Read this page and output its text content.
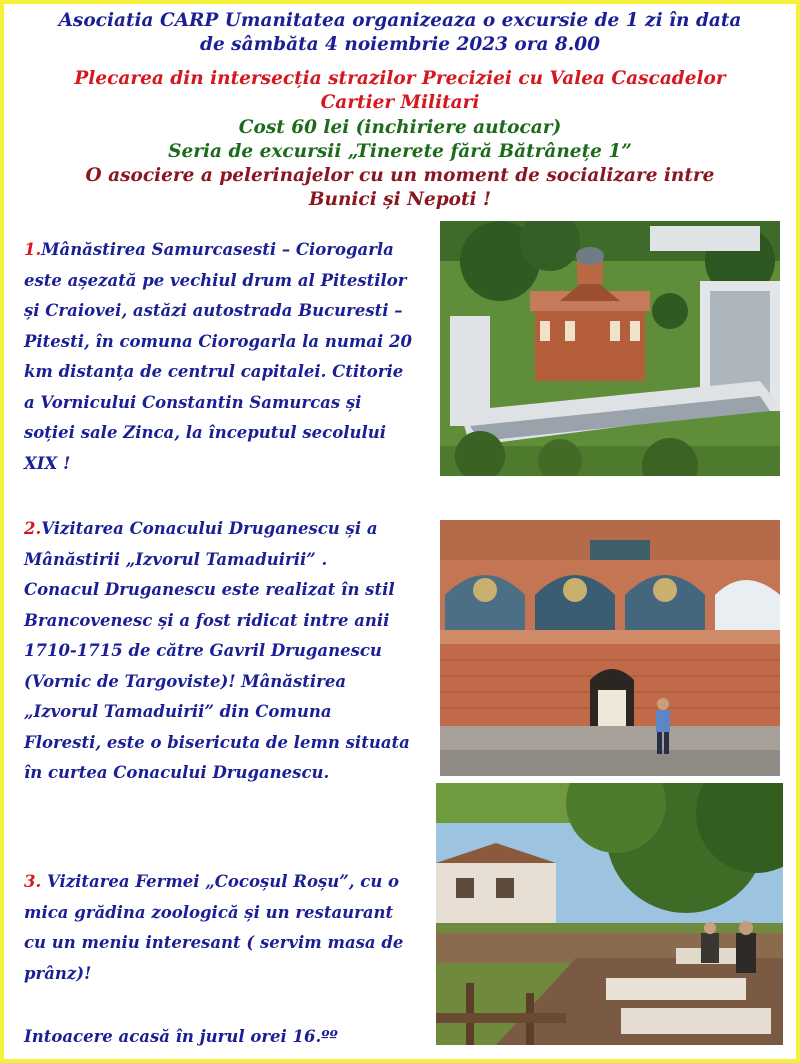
Asociatia CARP Umanitatea organizeaza o excursie de 1 zi în data
de sâmbăta 4 noiembrie 2023 ora 8.00
Plecarea din intersecția strazilor Preciziei cu Valea Cascadelor
Cartier Militari
Cost 60 lei (inchiriere autocar)
Seria de excursii „Tinerete fără Bătrânețe 1”
O asociere a pelerinajelor cu un moment de socializare intre
Bunici și Nepoti !
1.Mânăstirea Samurcasesti – Ciorogarla
este așezată pe vechiul drum al Pitestilor
și Craiovei, astăzi autostrada Bucuresti –
Pitesti, în comuna Ciorogarla la numai 20
km distanța de centrul capitalei. Ctitorie
a Vornicului Constantin Samurcas și
soției sale Zinca, la începutul secolului
XIX !
2.Vizitarea Conacului Druganescu și a
Mânăstirii „Izvorul Tamaduirii” .
Conacul Druganescu este realizat în stil
Brancovenesc și a fost ridicat intre anii
1710-1715 de către Gavril Druganescu
(Vornic de Targoviste)! Mânăstirea
„Izvorul Tamaduirii” din Comuna
Floresti, este o bisericuta de lemn situata
în curtea Conacului Druganescu.
3. Vizitarea Fermei „Cocoșul Roșu”, cu o
mica grădina zoologică și un restaurant
cu un meniu interesant ( servim masa de
prânz)!
Intoacere acasă în jurul orei 16.ºº
